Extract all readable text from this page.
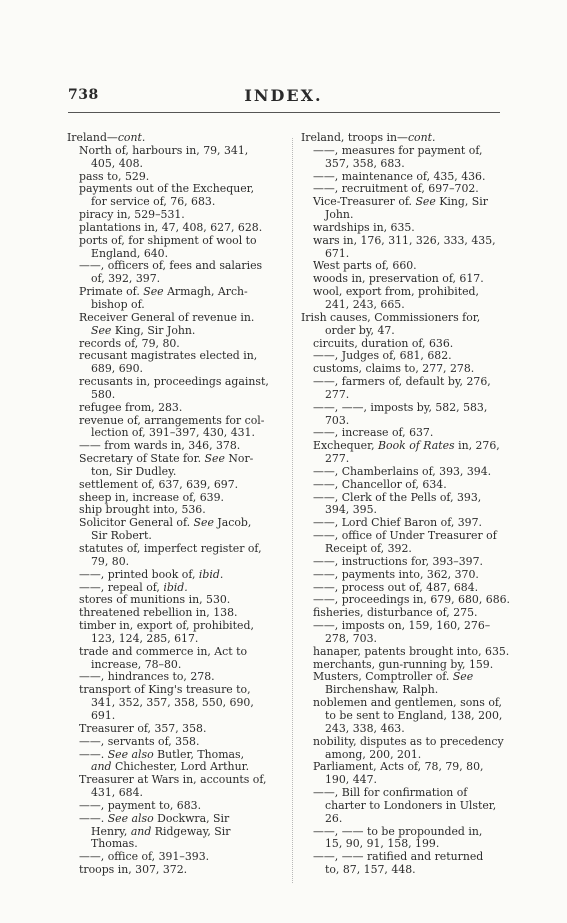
738	INDEX.
Ireland—cont.
North of, harbours in, 79, 341,
405, 408.
pass to, 529.
payments out of the Exchequer,
for service of, 76, 683.
piracy in, 529–531.
plantations in, 47, 408, 627, 628.
ports of, for shipment of wool to
England, 640.
——, officers of, fees and salaries
of, 392, 397.
Primate of. See Armagh, Arch-
bishop of.
Receiver General of revenue in.
See King, Sir John.
records of, 79, 80.
recusant magistrates elected in,
689, 690.
recusants in, proceedings against,
580.
refugee from, 283.
revenue of, arrangements for col-
lection of, 391–397, 430, 431.
—— from wards in, 346, 378.
Secretary of State for. See Nor-
ton, Sir Dudley.
settlement of, 637, 639, 697.
sheep in, increase of, 639.
ship brought into, 536.
Solicitor General of. See Jacob,
Sir Robert.
statutes of, imperfect register of,
79, 80.
——, printed book of, ibid.
——, repeal of, ibid.
stores of munitions in, 530.
threatened rebellion in, 138.
timber in, export of, prohibited,
123, 124, 285, 617.
trade and commerce in, Act to
increase, 78–80.
——, hindrances to, 278.
transport of King's treasure to,
341, 352, 357, 358, 550, 690,
691.
Treasurer of, 357, 358.
——, servants of, 358.
——. See also Butler, Thomas,
and Chichester, Lord Arthur.
Treasurer at Wars in, accounts of,
431, 684.
——, payment to, 683.
——. See also Dockwra, Sir
Henry, and Ridgeway, Sir
Thomas.
——, office of, 391–393.
troops in, 307, 372.
Ireland, troops in—cont.
——, measures for payment of,
357, 358, 683.
——, maintenance of, 435, 436.
——, recruitment of, 697–702.
Vice-Treasurer of. See King, Sir
John.
wardships in, 635.
wars in, 176, 311, 326, 333, 435,
671.
West parts of, 660.
woods in, preservation of, 617.
wool, export from, prohibited,
241, 243, 665.
Irish causes, Commissioners for,
order by, 47.
circuits, duration of, 636.
——, Judges of, 681, 682.
customs, claims to, 277, 278.
——, farmers of, default by, 276,
277.
——, ——, imposts by, 582, 583,
703.
——, increase of, 637.
Exchequer, Book of Rates in, 276,
277.
——, Chamberlains of, 393, 394.
——, Chancellor of, 634.
——, Clerk of the Pells of, 393,
394, 395.
——, Lord Chief Baron of, 397.
——, office of Under Treasurer of
Receipt of, 392.
——, instructions for, 393–397.
——, payments into, 362, 370.
——, process out of, 487, 684.
——, proceedings in, 679, 680, 686.
fisheries, disturbance of, 275.
——, imposts on, 159, 160, 276–
278, 703.
hanaper, patents brought into, 635.
merchants, gun-running by, 159.
Musters, Comptroller of. See
Birchenshaw, Ralph.
noblemen and gentlemen, sons of,
to be sent to England, 138, 200,
243, 338, 463.
nobility, disputes as to precedency
among, 200, 201.
Parliament, Acts of, 78, 79, 80,
190, 447.
——, Bill for confirmation of
charter to Londoners in Ulster,
26.
——, —— to be propounded in,
15, 90, 91, 158, 199.
——, —— ratified and returned
to, 87, 157, 448.
